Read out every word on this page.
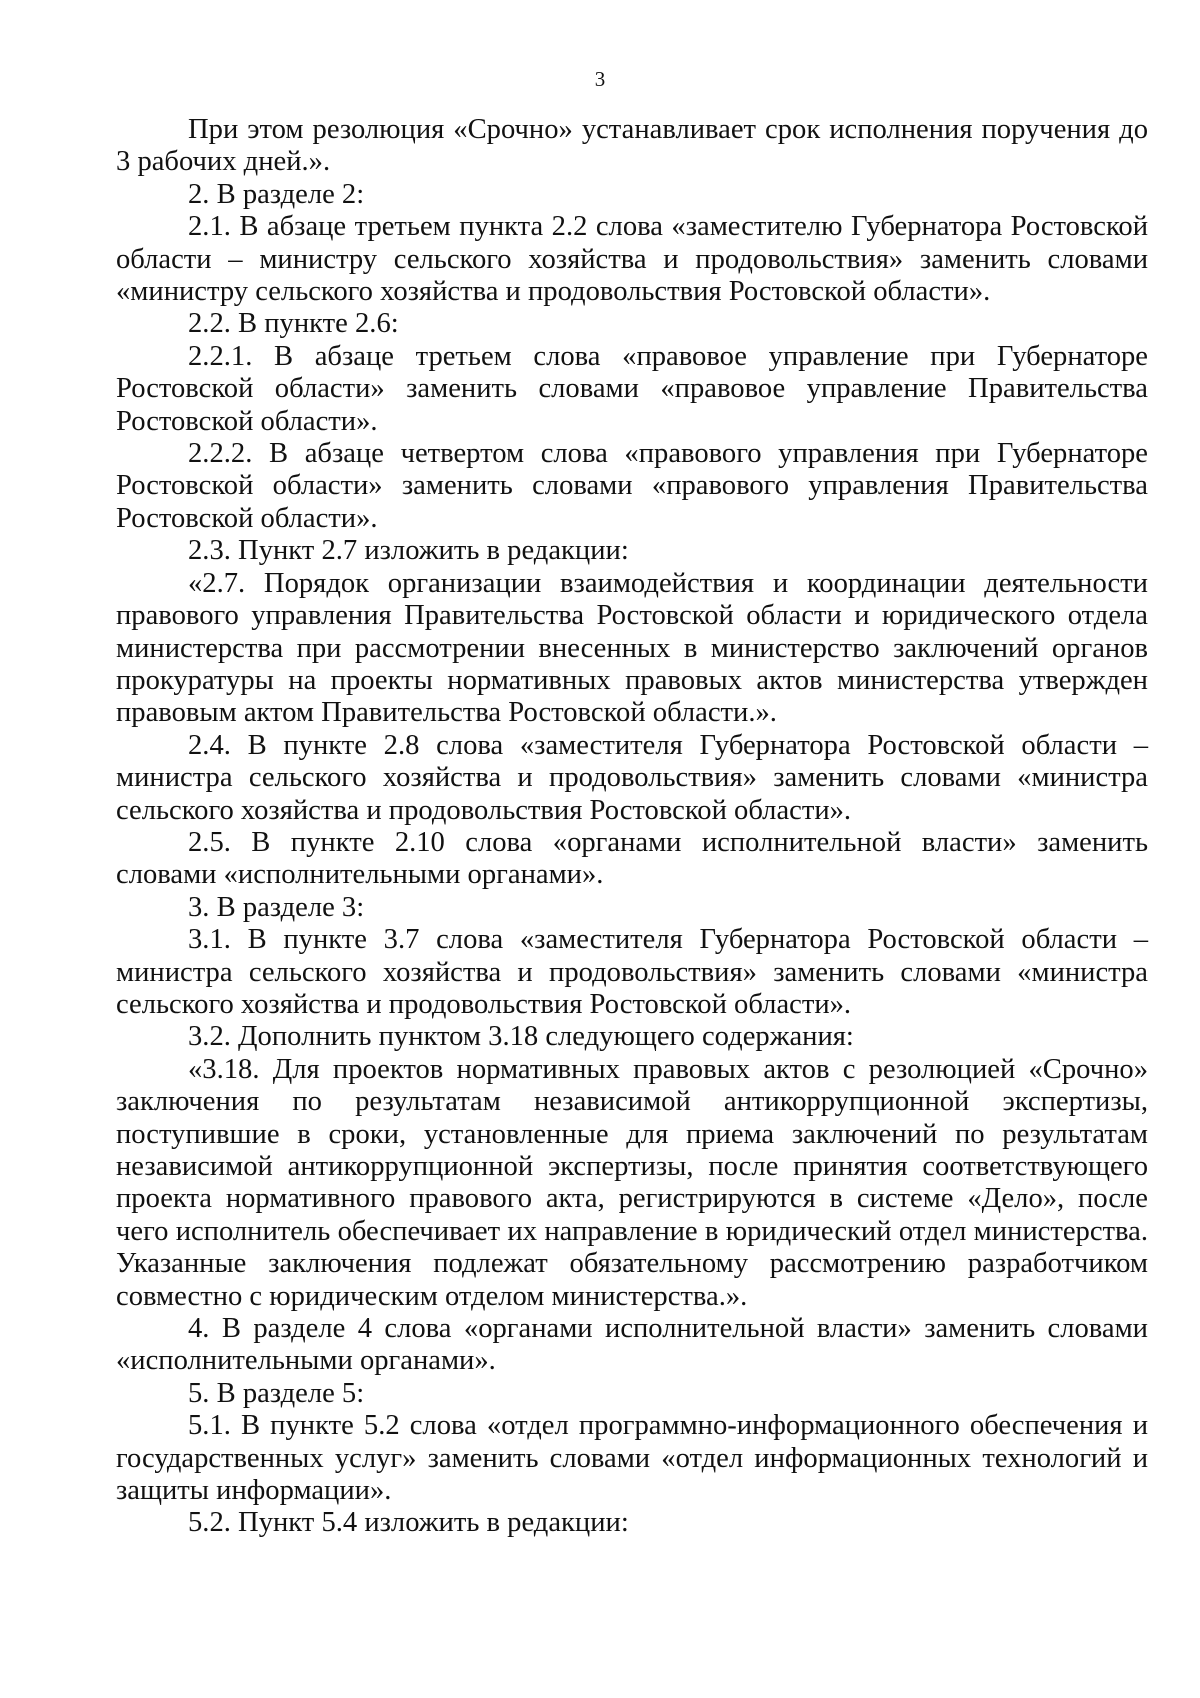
3

При этом резолюция «Срочно» устанавливает срок исполнения поручения до 3 рабочих дней.».

2. В разделе 2:

2.1. В абзаце третьем пункта 2.2 слова «заместителю Губернатора Ростовской области – министру сельского хозяйства и продовольствия» заменить словами «министру сельского хозяйства и продовольствия Ростовской области».

2.2. В пункте 2.6:

2.2.1. В абзаце третьем слова «правовое управление при Губернаторе Ростовской области» заменить словами «правовое управление Правительства Ростовской области».

2.2.2. В абзаце четвертом слова «правового управления при Губернаторе Ростовской области» заменить словами «правового управления Правительства Ростовской области».

2.3. Пункт 2.7 изложить в редакции:

«2.7. Порядок организации взаимодействия и координации деятельности правового управления Правительства Ростовской области и юридического отдела министерства при рассмотрении внесенных в министерство заключений органов прокуратуры на проекты нормативных правовых актов министерства утвержден правовым актом Правительства Ростовской области.».

2.4. В пункте 2.8 слова «заместителя Губернатора Ростовской области – министра сельского хозяйства и продовольствия» заменить словами «министра сельского хозяйства и продовольствия Ростовской области».

2.5. В пункте 2.10 слова «органами исполнительной власти» заменить словами «исполнительными органами».

3. В разделе 3:

3.1. В пункте 3.7 слова «заместителя Губернатора Ростовской области – министра сельского хозяйства и продовольствия» заменить словами «министра сельского хозяйства и продовольствия Ростовской области».

3.2. Дополнить пунктом 3.18 следующего содержания:

«3.18. Для проектов нормативных правовых актов с резолюцией «Срочно» заключения по результатам независимой антикоррупционной экспертизы, поступившие в сроки, установленные для приема заключений по результатам независимой антикоррупционной экспертизы, после принятия соответствующего проекта нормативного правового акта, регистрируются в системе «Дело», после чего исполнитель обеспечивает их направление в юридический отдел министерства. Указанные заключения подлежат обязательному рассмотрению разработчиком совместно с юридическим отделом министерства.».

4. В разделе 4 слова «органами исполнительной власти» заменить словами «исполнительными органами».

5. В разделе 5:

5.1. В пункте 5.2 слова «отдел программно-информационного обеспечения и государственных услуг» заменить словами «отдел информационных технологий и защиты информации».

5.2. Пункт 5.4 изложить в редакции:
